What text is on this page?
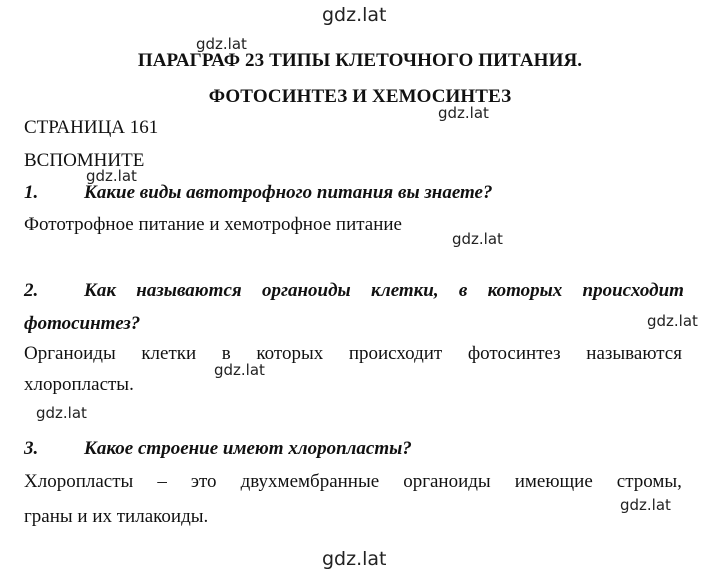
gdz.lat
ПАРАГРАФ 23 ТИПЫ КЛЕТОЧНОГО ПИТАНИЯ.
gdz.lat
ФОТОСИНТЕЗ И ХЕМОСИНТЕЗ
gdz.lat
СТРАНИЦА 161
ВСПОМНИТЕ
gdz.lat
1. Какие виды автотрофного питания вы знаете?
Фототрофное питание и хемотрофное питание
gdz.lat
2. Как называются органоиды клетки, в которых происходит
фотосинтез?	gdz.lat
Органоиды клетки в которых происходит фотосинтез называются
gdz.lat
хлоропласты.
gdz.lat
3. Какое строение имеют хлоропласты?
Хлоропласты – это двухмембранные органоиды имеющие стромы,
граны и их тилакоиды.
gdz.lat
gdz.lat
